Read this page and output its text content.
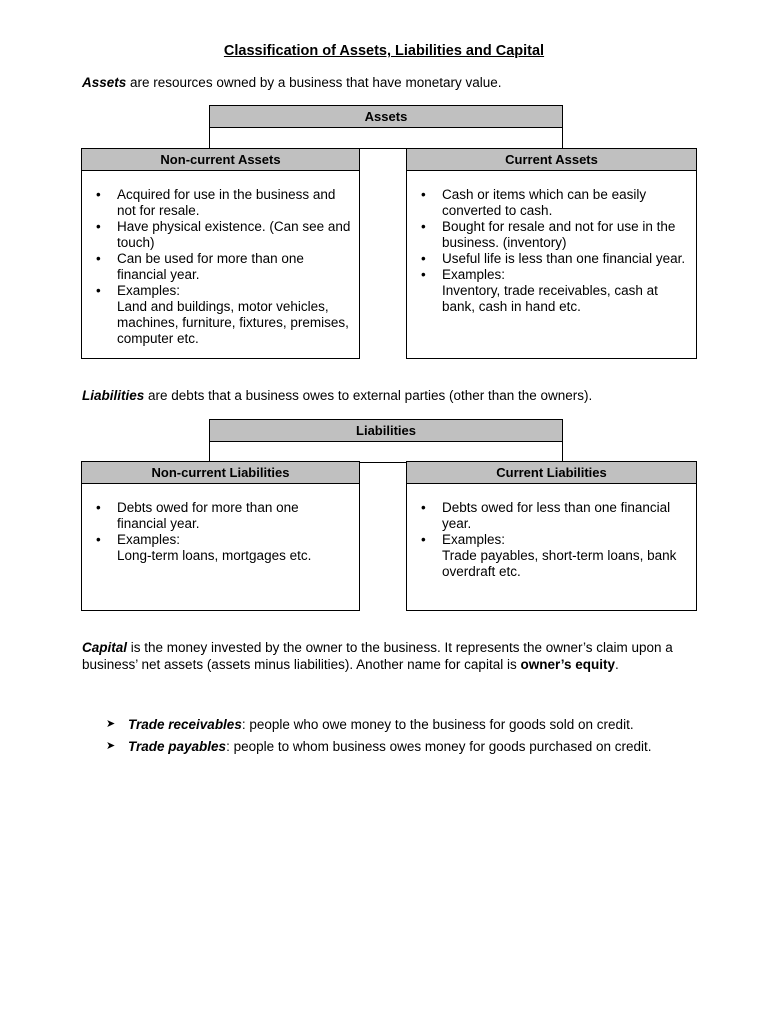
Classification of Assets, Liabilities and Capital
Assets are resources owned by a business that have monetary value.
Assets
Non-current Assets
• Acquired for use in the business and not for resale.
• Have physical existence. (Can see and touch)
• Can be used for more than one financial year.
• Examples:
Land and buildings, motor vehicles, machines, furniture, fixtures, premises, computer etc.
Current Assets
• Cash or items which can be easily converted to cash.
• Bought for resale and not for use in the business. (inventory)
• Useful life is less than one financial year.
• Examples:
Inventory, trade receivables, cash at bank, cash in hand etc.
Liabilities are debts that a business owes to external parties (other than the owners).
Liabilities
Non-current Liabilities
• Debts owed for more than one financial year.
• Examples:
Long-term loans, mortgages etc.
Current Liabilities
• Debts owed for less than one financial year.
• Examples:
Trade payables, short-term loans, bank overdraft etc.
Capital is the money invested by the owner to the business. It represents the owner’s claim upon a business’ net assets (assets minus liabilities). Another name for capital is owner’s equity.
➤ Trade receivables: people who owe money to the business for goods sold on credit.
➤ Trade payables: people to whom business owes money for goods purchased on credit.
